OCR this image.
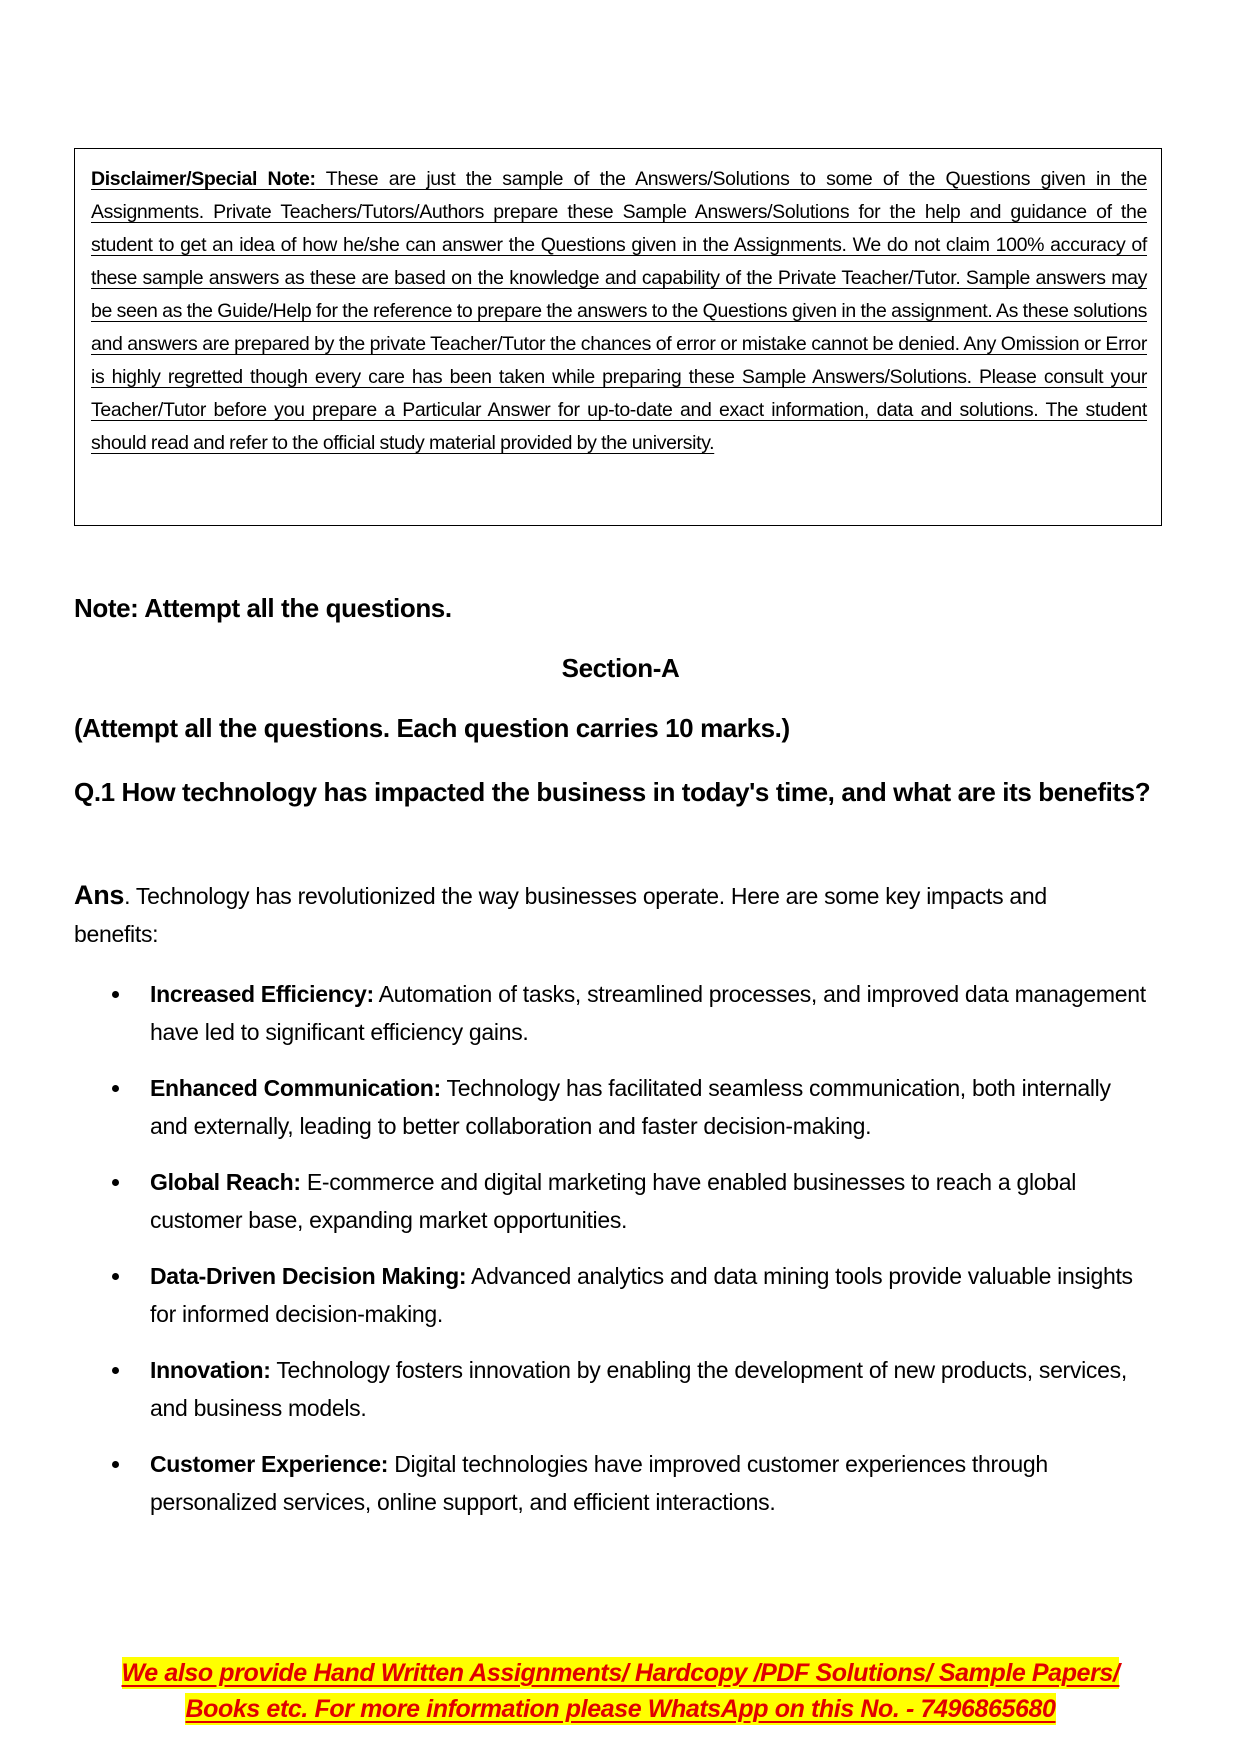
Disclaimer/Special Note: These are just the sample of the Answers/Solutions to some of the Questions given in the Assignments. Private Teachers/Tutors/Authors prepare these Sample Answers/Solutions for the help and guidance of the student to get an idea of how he/she can answer the Questions given in the Assignments. We do not claim 100% accuracy of these sample answers as these are based on the knowledge and capability of the Private Teacher/Tutor. Sample answers may be seen as the Guide/Help for the reference to prepare the answers to the Questions given in the assignment. As these solutions and answers are prepared by the private Teacher/Tutor the chances of error or mistake cannot be denied. Any Omission or Error is highly regretted though every care has been taken while preparing these Sample Answers/Solutions. Please consult your Teacher/Tutor before you prepare a Particular Answer for up-to-date and exact information, data and solutions. The student should read and refer to the official study material provided by the university.
Note: Attempt all the questions.
Section-A
(Attempt all the questions. Each question carries 10 marks.)
Q.1 How technology has impacted the business in today's time, and what are its benefits?
Ans. Technology has revolutionized the way businesses operate. Here are some key impacts and benefits:
Increased Efficiency: Automation of tasks, streamlined processes, and improved data management have led to significant efficiency gains.
Enhanced Communication: Technology has facilitated seamless communication, both internally and externally, leading to better collaboration and faster decision-making.
Global Reach: E-commerce and digital marketing have enabled businesses to reach a global customer base, expanding market opportunities.
Data-Driven Decision Making: Advanced analytics and data mining tools provide valuable insights for informed decision-making.
Innovation: Technology fosters innovation by enabling the development of new products, services, and business models.
Customer Experience: Digital technologies have improved customer experiences through personalized services, online support, and efficient interactions.
We also provide Hand Written Assignments/ Hardcopy /PDF Solutions/ Sample Papers/
Books etc. For more information please WhatsApp on this No. - 7496865680
